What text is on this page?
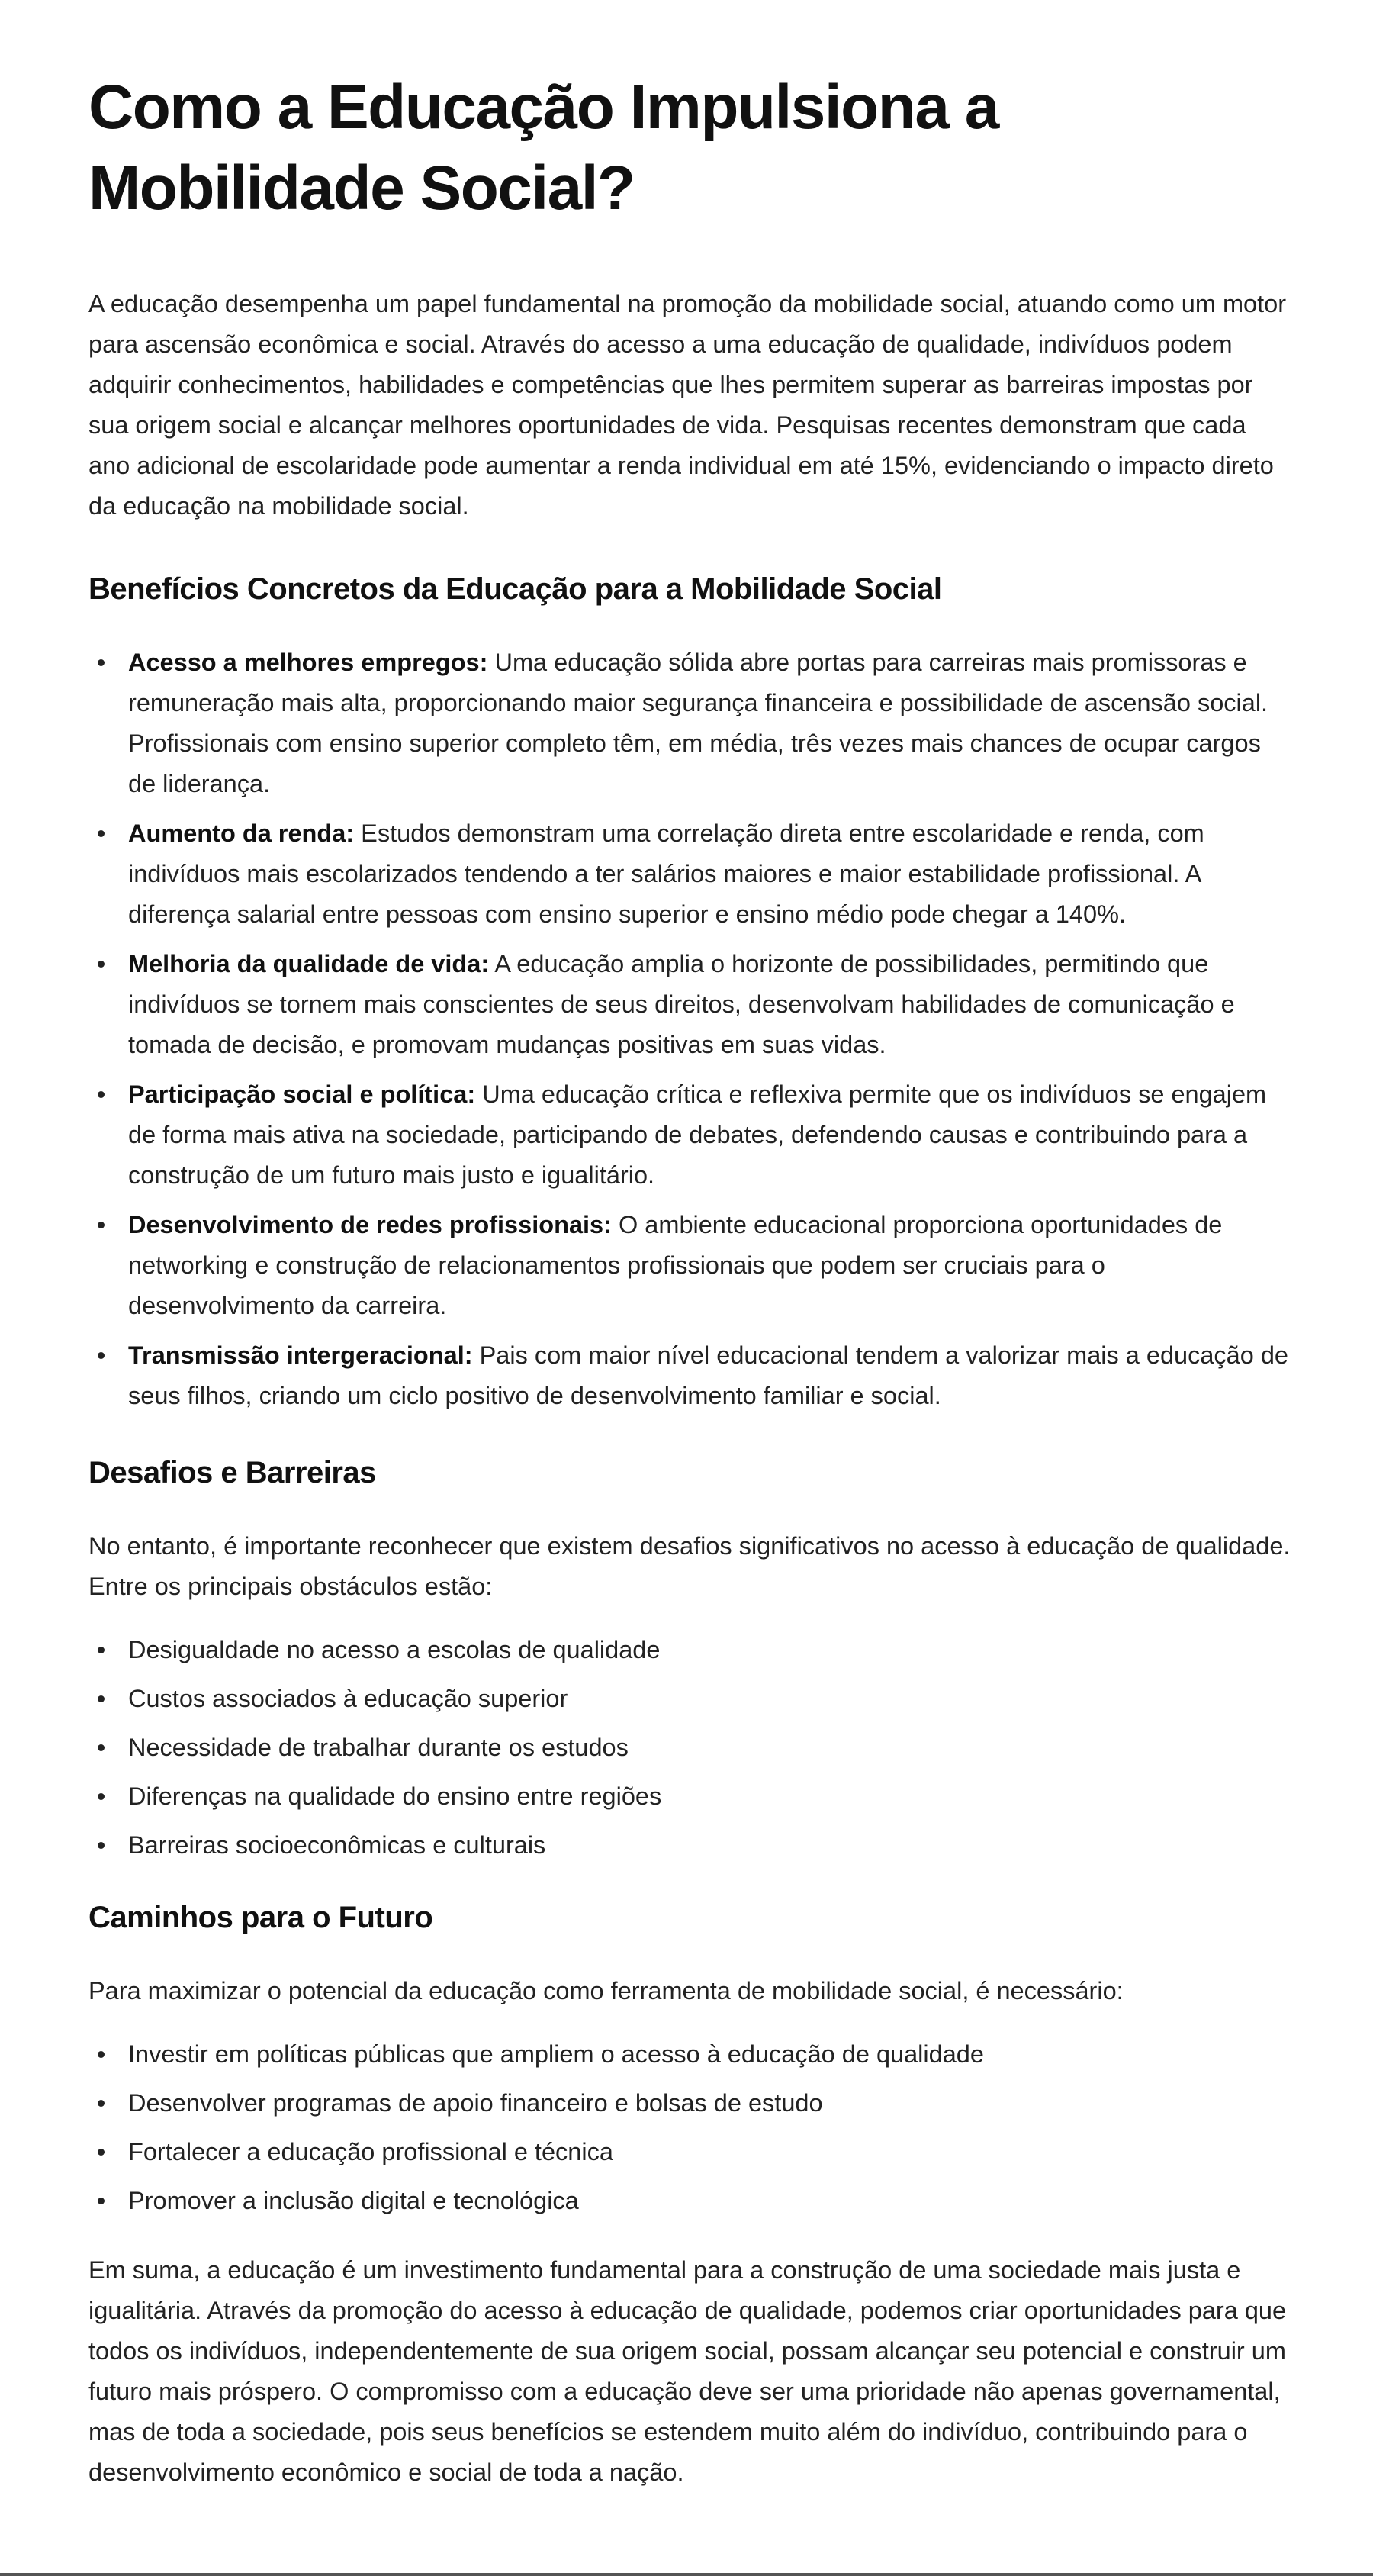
Como a Educação Impulsiona a Mobilidade Social?

A educação desempenha um papel fundamental na promoção da mobilidade social, atuando como um motor para ascensão econômica e social. Através do acesso a uma educação de qualidade, indivíduos podem adquirir conhecimentos, habilidades e competências que lhes permitem superar as barreiras impostas por sua origem social e alcançar melhores oportunidades de vida. Pesquisas recentes demonstram que cada ano adicional de escolaridade pode aumentar a renda individual em até 15%, evidenciando o impacto direto da educação na mobilidade social.

Benefícios Concretos da Educação para a Mobilidade Social
Acesso a melhores empregos: Uma educação sólida abre portas para carreiras mais promissoras e remuneração mais alta, proporcionando maior segurança financeira e possibilidade de ascensão social. Profissionais com ensino superior completo têm, em média, três vezes mais chances de ocupar cargos de liderança.
Aumento da renda: Estudos demonstram uma correlação direta entre escolaridade e renda, com indivíduos mais escolarizados tendendo a ter salários maiores e maior estabilidade profissional. A diferença salarial entre pessoas com ensino superior e ensino médio pode chegar a 140%.
Melhoria da qualidade de vida: A educação amplia o horizonte de possibilidades, permitindo que indivíduos se tornem mais conscientes de seus direitos, desenvolvam habilidades de comunicação e tomada de decisão, e promovam mudanças positivas em suas vidas.
Participação social e política: Uma educação crítica e reflexiva permite que os indivíduos se engajem de forma mais ativa na sociedade, participando de debates, defendendo causas e contribuindo para a construção de um futuro mais justo e igualitário.
Desenvolvimento de redes profissionais: O ambiente educacional proporciona oportunidades de networking e construção de relacionamentos profissionais que podem ser cruciais para o desenvolvimento da carreira.
Transmissão intergeracional: Pais com maior nível educacional tendem a valorizar mais a educação de seus filhos, criando um ciclo positivo de desenvolvimento familiar e social.
Desafios e Barreiras

No entanto, é importante reconhecer que existem desafios significativos no acesso à educação de qualidade. Entre os principais obstáculos estão:

Desigualdade no acesso a escolas de qualidade
Custos associados à educação superior
Necessidade de trabalhar durante os estudos
Diferenças na qualidade do ensino entre regiões
Barreiras socioeconômicas e culturais
Caminhos para o Futuro

Para maximizar o potencial da educação como ferramenta de mobilidade social, é necessário:

Investir em políticas públicas que ampliem o acesso à educação de qualidade
Desenvolver programas de apoio financeiro e bolsas de estudo
Fortalecer a educação profissional e técnica
Promover a inclusão digital e tecnológica

Em suma, a educação é um investimento fundamental para a construção de uma sociedade mais justa e igualitária. Através da promoção do acesso à educação de qualidade, podemos criar oportunidades para que todos os indivíduos, independentemente de sua origem social, possam alcançar seu potencial e construir um futuro mais próspero. O compromisso com a educação deve ser uma prioridade não apenas governamental, mas de toda a sociedade, pois seus benefícios se estendem muito além do indivíduo, contribuindo para o desenvolvimento econômico e social de toda a nação.
